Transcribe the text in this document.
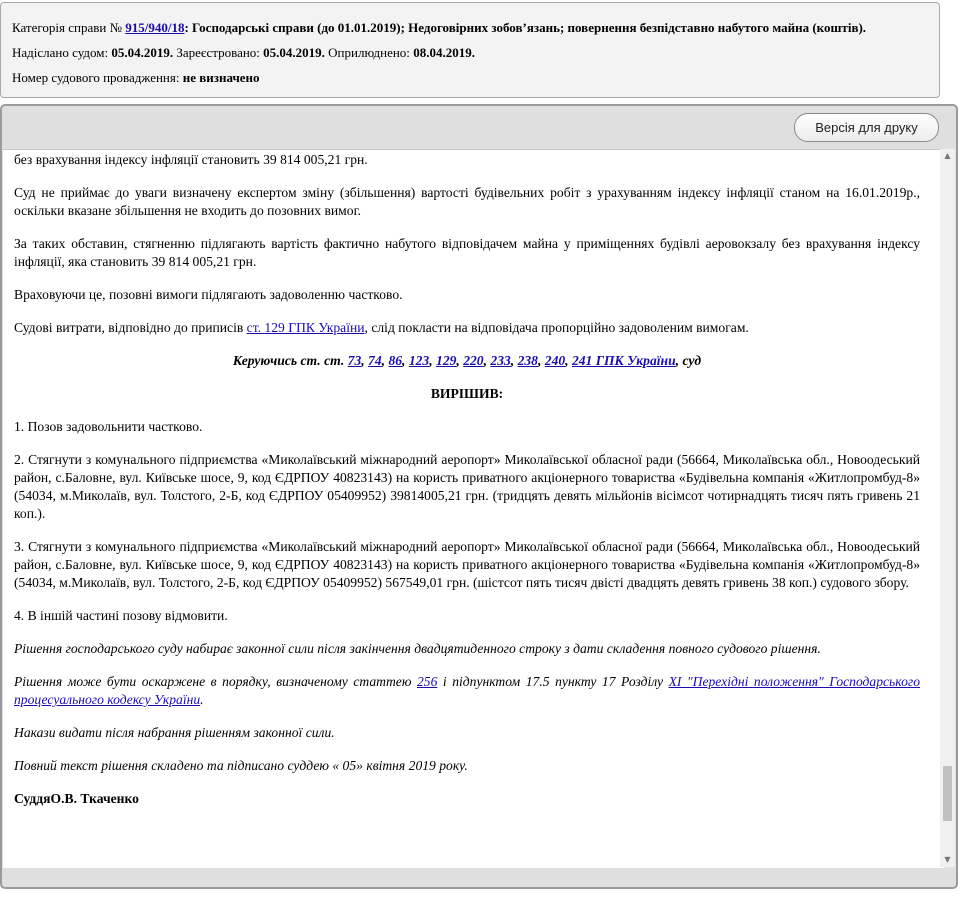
Категорія справи № 915/940/18: Господарські справи (до 01.01.2019); Недоговірних зобов’язань; повернення безпідставно набутого майна (коштів).
Надіслано судом: 05.04.2019. Зареєстровано: 05.04.2019. Оприлюднено: 08.04.2019.
Номер судового провадження: не визначено
Версія для друку

без врахування індексу інфляції становить 39 814 005,21 грн.

Суд не приймає до уваги визначену експертом зміну (збільшення) вартості будівельних робіт з урахуванням індексу інфляції станом на 16.01.2019р., оскільки вказане збільшення не входить до позовних вимог.

За таких обставин, стягненню підлягають вартість фактично набутого відповідачем майна у приміщеннях будівлі аеровокзалу без врахування індексу інфляції, яка становить 39 814 005,21 грн.

Враховуючи це, позовні вимоги підлягають задоволенню частково.

Судові витрати, відповідно до приписів ст. 129 ГПК України, слід покласти на відповідача пропорційно задоволеним вимогам.

Керуючись ст. ст. 73, 74, 86, 123, 129, 220, 233, 238, 240, 241 ГПК України, суд

ВИРІШИВ:

1. Позов задовольнити частково.

2. Стягнути з комунального підприємства «Миколаївський міжнародний аеропорт» Миколаївської обласної ради (56664, Миколаївська обл., Новоодеський район, с.Баловне, вул. Київське шосе, 9, код ЄДРПОУ 40823143) на користь приватного акціонерного товариства «Будівельна компанія «Житлопромбуд-8» (54034, м.Миколаїв, вул. Толстого, 2-Б, код ЄДРПОУ 05409952) 39814005,21 грн. (тридцять девять мільйонів вісімсот чотирнадцять тисяч пять гривень 21 коп.).

3. Стягнути з комунального підприємства «Миколаївський міжнародний аеропорт» Миколаївської обласної ради (56664, Миколаївська обл., Новоодеський район, с.Баловне, вул. Київське шосе, 9, код ЄДРПОУ 40823143) на користь приватного акціонерного товариства «Будівельна компанія «Житлопромбуд-8» (54034, м.Миколаїв, вул. Толстого, 2-Б, код ЄДРПОУ 05409952) 567549,01 грн. (шістсот пять тисяч двісті двадцять девять гривень 38 коп.) судового збору.

4. В іншій частині позову відмовити.

Рішення господарського суду набирає законної сили після закінчення двадцятиденного строку з дати складення повного судового рішення.

Рішення може бути оскаржене в порядку, визначеному статтею 256 і підпунктом 17.5 пункту 17 Розділу ХІ "Перехідні положення" Господарського процесуального кодексу України.

Накази видати після набрання рішенням законної сили.

Повний текст рішення складено та підписано суддею « 05» квітня 2019 року.

СуддяО.В. Ткаченко

▲
▼
